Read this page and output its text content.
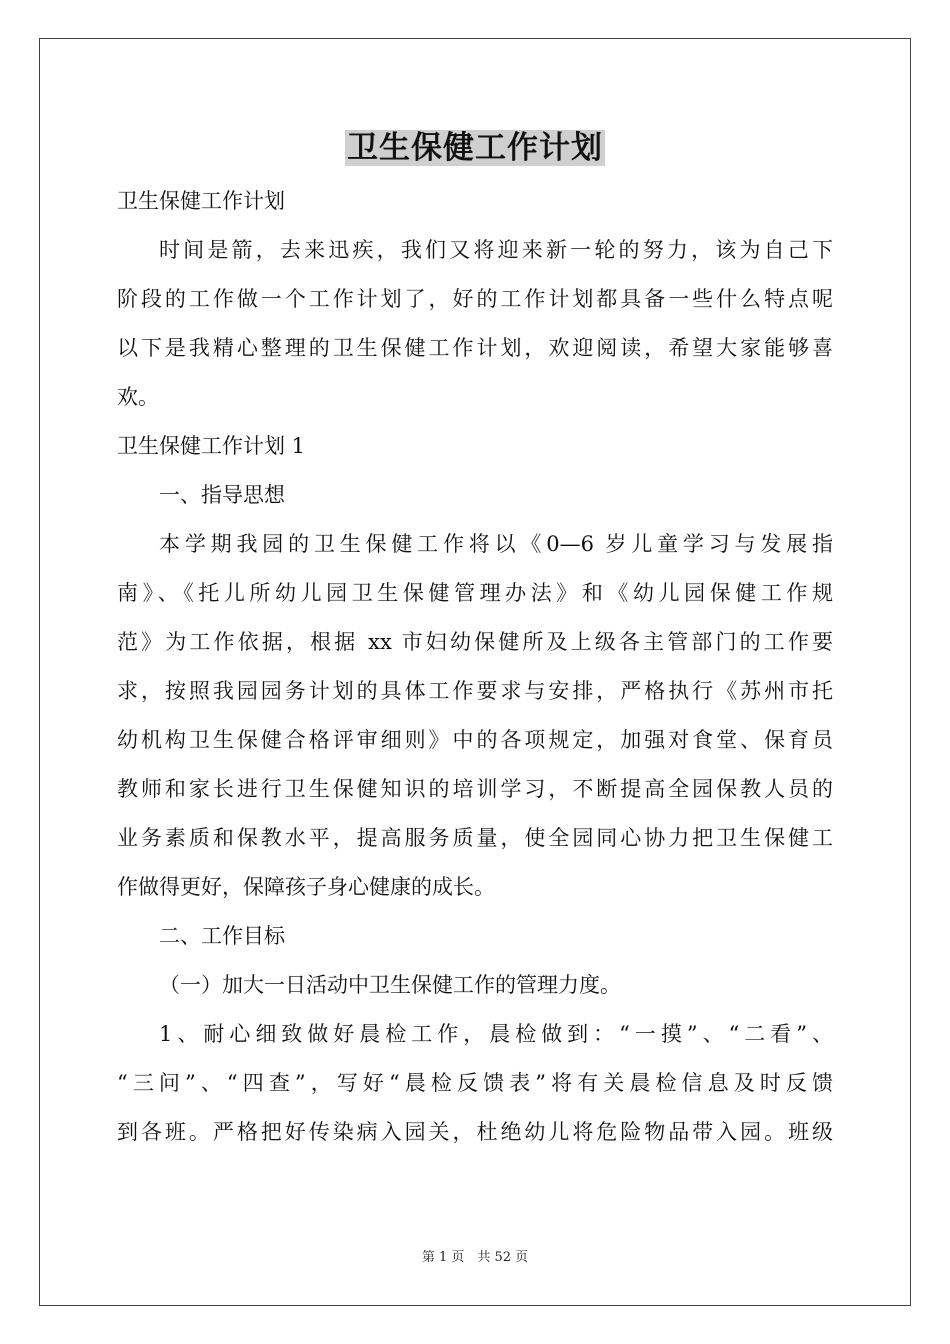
卫生保健工作计划

卫生保健工作计划

时间是箭，去来迅疾，我们又将迎来新一轮的努力，该为自己下
阶段的工作做一个工作计划了，好的工作计划都具备一些什么特点呢
以下是我精心整理的卫生保健工作计划，欢迎阅读，希望大家能够喜
欢。

卫生保健工作计划 1

一、指导思想

本学期我园的卫生保健工作将以《0—6 岁儿童学习与发展指
南》、《托儿所幼儿园卫生保健管理办法》和《幼儿园保健工作规
范》为工作依据，根据 xx 市妇幼保健所及上级各主管部门的工作要
求，按照我园园务计划的具体工作要求与安排，严格执行《苏州市托
幼机构卫生保健合格评审细则》中的各项规定，加强对食堂、保育员
教师和家长进行卫生保健知识的培训学习，不断提高全园保教人员的
业务素质和保教水平，提高服务质量，使全园同心协力把卫生保健工
作做得更好，保障孩子身心健康的成长。

二、工作目标

（一）加大一日活动中卫生保健工作的管理力度。

1、耐心细致做好晨检工作，晨检做到：“一摸”、“二看”、
“三问”、“四查”，写好“晨检反馈表”将有关晨检信息及时反馈
到各班。严格把好传染病入园关，杜绝幼儿将危险物品带入园。班级

第 1 页　共 52 页
